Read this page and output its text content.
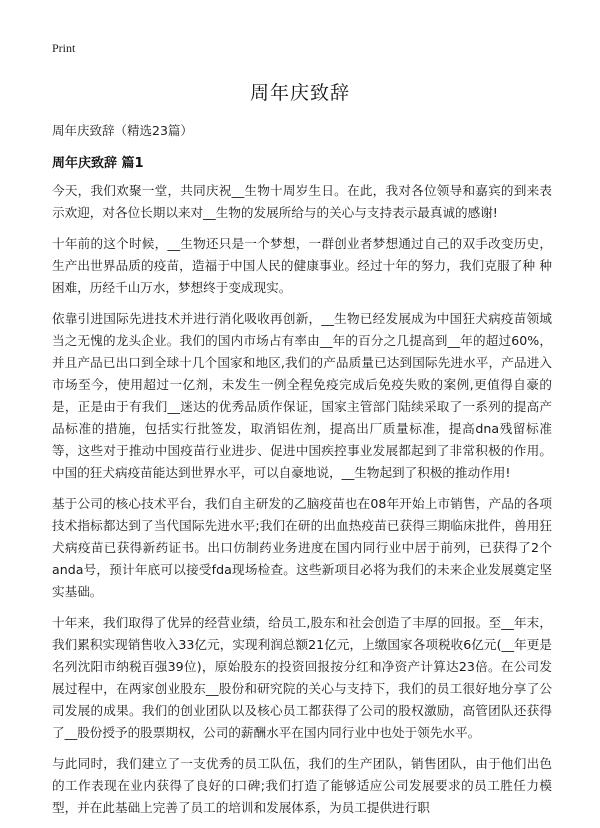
Print
周年庆致辞
周年庆致辞（精选23篇）
周年庆致辞 篇1

今天，我们欢聚一堂，共同庆祝__生物十周岁生日。在此，我对各位领导和嘉宾的到来表示欢迎，对各位长期以来对__生物的发展所给与的关心与支持表示最真诚的感谢!

十年前的这个时候，__生物还只是一个梦想，一群创业者梦想通过自己的双手改变历史，生产出世界品质的疫苗，造福于中国人民的健康事业。经过十年的努力，我们克服了种 种困难，历经千山万水，梦想终于变成现实。

依靠引进国际先进技术并进行消化吸收再创新，__生物已经发展成为中国狂犬病疫苗领域当之无愧的龙头企业。我们的国内市场占有率由__年的百分之几提高到__年的超过60%，并且产品已出口到全球十几个国家和地区,我们的产品质量已达到国际先进水平，产品进入市场至今，使用超过一亿剂，未发生一例全程免疫完成后免疫失败的案例,更值得自豪的是，正是由于有我们__迷达的优秀品质作保证，国家主管部门陆续采取了一系列的提高产品标准的措施，包括实行批签发，取消铝佐剂，提高出厂质量标准，提高dna残留标准等，这些对于推动中国疫苗行业进步、促进中国疾控事业发展都起到了非常积极的作用。中国的狂犬病疫苗能达到世界水平，可以自豪地说，__生物起到了积极的推动作用!

基于公司的核心技术平台，我们自主研发的乙脑疫苗也在08年开始上市销售，产品的各项技术指标都达到了当代国际先进水平;我们在研的出血热疫苗已获得三期临床批件，兽用狂犬病疫苗已获得新药证书。出口仿制药业务进度在国内同行业中居于前列，已获得了2个anda号，预计年底可以接受fda现场检查。这些新项目必将为我们的未来企业发展奠定坚实基础。

十年来，我们取得了优异的经营业绩，给员工,股东和社会创造了丰厚的回报。至__年末，我们累积实现销售收入33亿元，实现利润总额21亿元，上缴国家各项税收6亿元(__年更是名列沈阳市纳税百强39位)，原始股东的投资回报按分红和净资产计算达23倍。在公司发展过程中，在两家创业股东__股份和研究院的关心与支持下，我们的员工很好地分享了公司发展的成果。我们的创业团队以及核心员工都获得了公司的股权激励，高管团队还获得了__股份授予的股票期权，公司的薪酬水平在国内同行业中也处于领先水平。

与此同时，我们建立了一支优秀的员工队伍，我们的生产团队，销售团队，由于他们出色的工作表现在业内获得了良好的口碑;我们打造了能够适应公司发展要求的员工胜任力模型，并在此基础上完善了员工的培训和发展体系，为员工提供进行职
